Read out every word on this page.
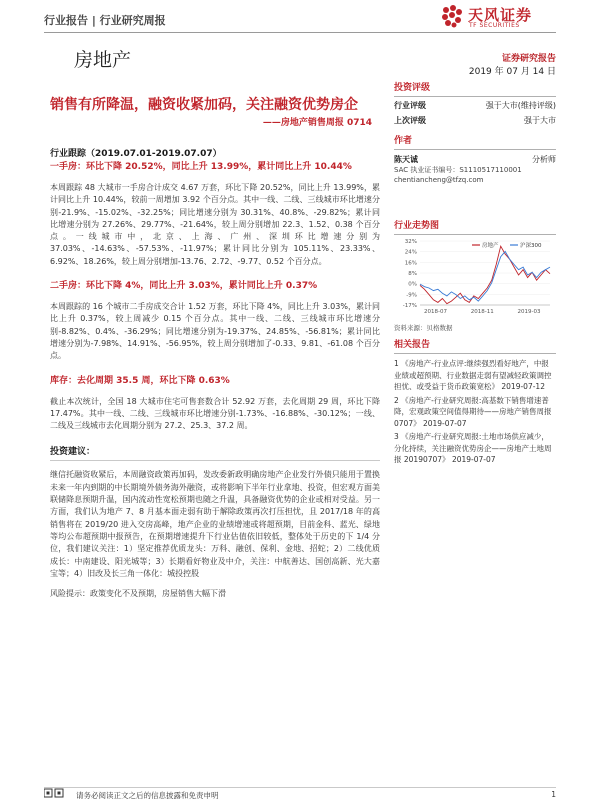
行业报告 | 行业研究周报	天风证券
TF SECURITIES
房地产	证券研究报告
2019 年 07 月 14 日
销售有所降温，融资收紧加码，关注融资优势房企
——房地产销售周报 0714
行业跟踪（2019.07.01-2019.07.07）
一手房：环比下降 20.52%，同比上升 13.99%，累计同比上升 10.44%
本周跟踪 48 大城市一手房合计成交 4.67 万套，环比下降 20.52%，同比上升 13.99%，累计同比上升 10.44%，较前一周增加 3.92 个百分点。其中一线、二线、三线城市环比增速分别-21.9%、-15.02%、-32.25%；同比增速分别为 30.31%、40.8%、-29.82%；累计同比增速分别为 27.26%、29.77%、-21.64%，较上周分别增加 22.3、1.52、0.38 个百分点。一线城市中，北京、上海、广州、深圳环比增速分别为 37.03%、-14.63%、-57.53%、-11.97%；累计同比分别为 105.11%、23.33%、6.92%、18.26%，较上周分别增加-13.76、2.72、-9.77、0.52 个百分点。
二手房：环比下降 4%，同比上升 3.03%，累计同比上升 0.37%
本周跟踪的 16 个城市二手房成交合计 1.52 万套，环比下降 4%，同比上升 3.03%，累计同比上升 0.37%，较上周减少 0.15 个百分点。其中一线、二线、三线城市环比增速分别-8.82%、0.4%、-36.29%；同比增速分别为-19.37%、24.85%、-56.81%；累计同比增速分别为-7.98%、14.91%、-56.95%，较上周分别增加了-0.33、9.81、-61.08 个百分点。
库存：去化周期 35.5 周，环比下降 0.63%
截止本次统计，全国 18 大城市住宅可售套数合计 52.92 万套，去化周期 29 周，环比下降 17.47%。其中一线、二线、三线城市环比增速分别-1.73%、-16.88%、-30.12%；一线、二线及三线城市去化周期分别为 27.2、25.3、37.2 周。
投资建议：
继信托融资收紧后，本周融资政策再加码，发改委新政明确房地产企业发行外债只能用于置换未来一年内到期的中长期境外债务海外融资，或将影响下半年行业拿地、投资，但宏观方面美联储降息预期升温，国内流动性宽松预期也随之升温，具备融资优势的企业或相对受益。另一方面，我们认为地产 7、8 月基本面走弱有助于解除政策再次打压担忧，且 2017/18 年的高销售将在 2019/20 进入交房高峰，地产企业的业绩增速或将超预期，目前金科、蓝光、绿地等均公布超预期中报预告，在预期增速提升下行业估值依旧较低，整体处于历史的下 1/4 分位，我们建议关注：1）坚定推荐优质龙头：万科、融创、保利、金地、招蛇；2）二线优质成长：中南建设、阳光城等；3）长期看好物业及中介，关注：中航善达、国创高新、光大嘉宝等；4）旧改及长三角一体化：城投控股
风险提示：政策变化不及预期，房屋销售大幅下滑
投资评级
行业评级	强于大市(维持评级)
上次评级	强于大市
作者
陈天诚	分析师
SAC 执业证书编号：S1110517110001
chentiancheng@tfzq.com
行业走势图
32%
24%
16%
8%
0%
-9%
-17%
2018-07	2018-11	2019-03
房地产	沪深300
资料来源：贝格数据
相关报告
1 《房地产-行业点评:继续强烈看好地产，中报业绩或超预期、行业数据走弱有望减轻政策调控担忧、或受益于货币政策宽松》 2019-07-12
2 《房地产-行业研究周报:高基数下销售增速普降，宏观政策空间值得期待——房地产销售周报 0707》 2019-07-07
3 《房地产-行业研究周报:土地市场供应减少，分化持续，关注融资优势房企——房地产土地周报 20190707》 2019-07-07
请务必阅读正文之后的信息披露和免责申明	1
